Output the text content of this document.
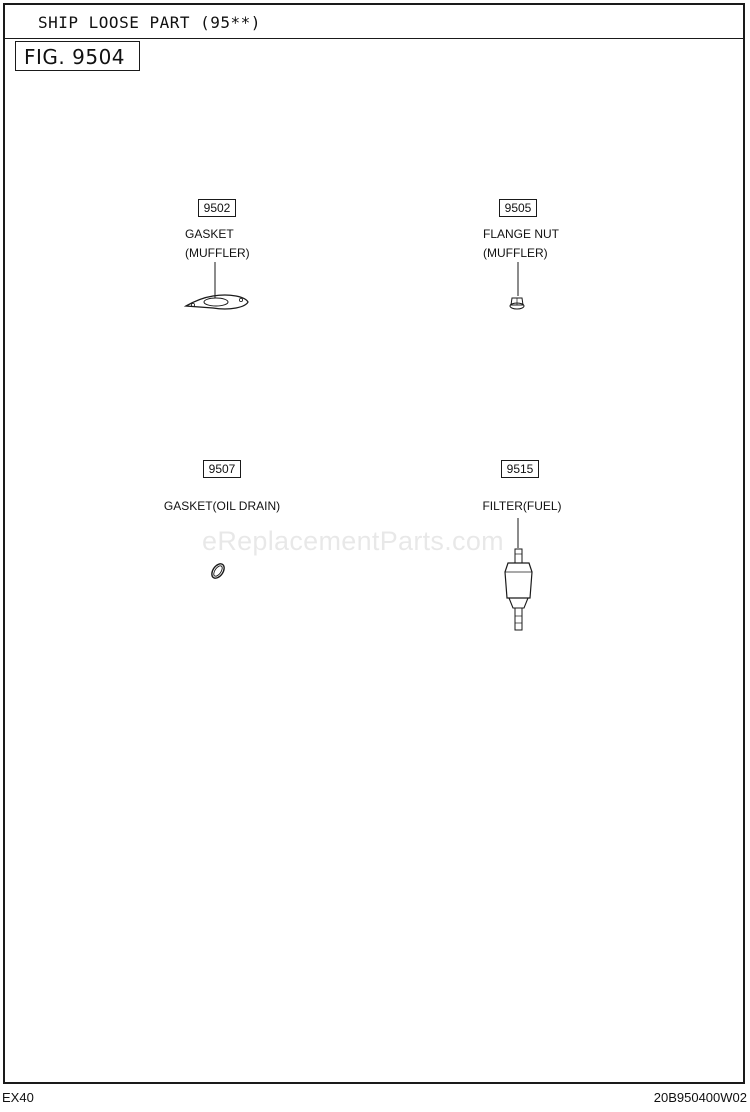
SHIP LOOSE PART (95**)
FIG. 9504
9502
GASKET
(MUFFLER)
9505
FLANGE NUT
(MUFFLER)
9507
GASKET(OIL DRAIN)
9515
FILTER(FUEL)
eReplacementParts.com
EX40	20B950400W02
